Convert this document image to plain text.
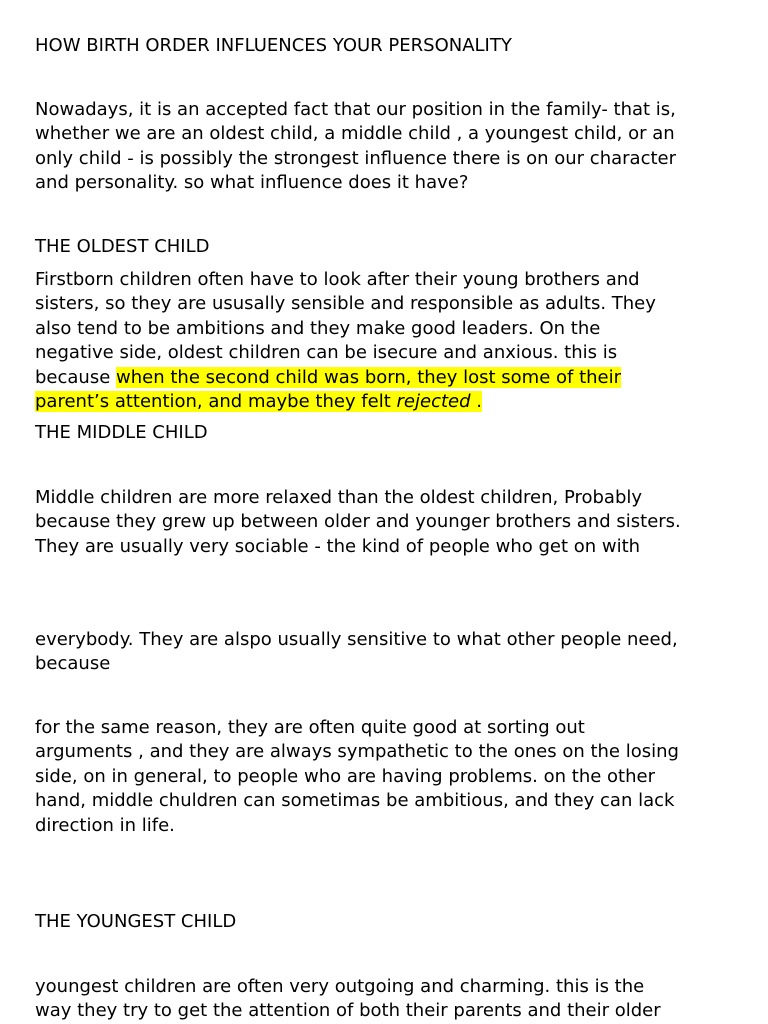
HOW BIRTH ORDER INFLUENCES YOUR PERSONALITY
Nowadays, it is an accepted fact that our position in the family- that is,
whether we are an oldest child, a middle child , a youngest child, or an
only child - is possibly the strongest influence there is on our character
and personality. so what influence does it have?
THE OLDEST CHILD
Firstborn children often have to look after their young brothers and
sisters, so they are ususally sensible and responsible as adults. They
also tend to be ambitions and they make good leaders. On the
negative side, oldest children can be isecure and anxious. this is
because when the second child was born, they lost some of their
parent’s attention, and maybe they felt rejected .
THE MIDDLE CHILD
Middle children are more relaxed than the oldest children, Probably
because they grew up between older and younger brothers and sisters.
They are usually very sociable - the kind of people who get on with
everybody. They are alspo usually sensitive to what other people need,
because
for the same reason, they are often quite good at sorting out
arguments , and they are always sympathetic to the ones on the losing
side, on in general, to people who are having problems. on the other
hand, middle chuldren can sometimas be ambitious, and they can lack
direction in life.
THE YOUNGEST CHILD
youngest children are often very outgoing and charming. this is the
way they try to get the attention of both their parents and their older
